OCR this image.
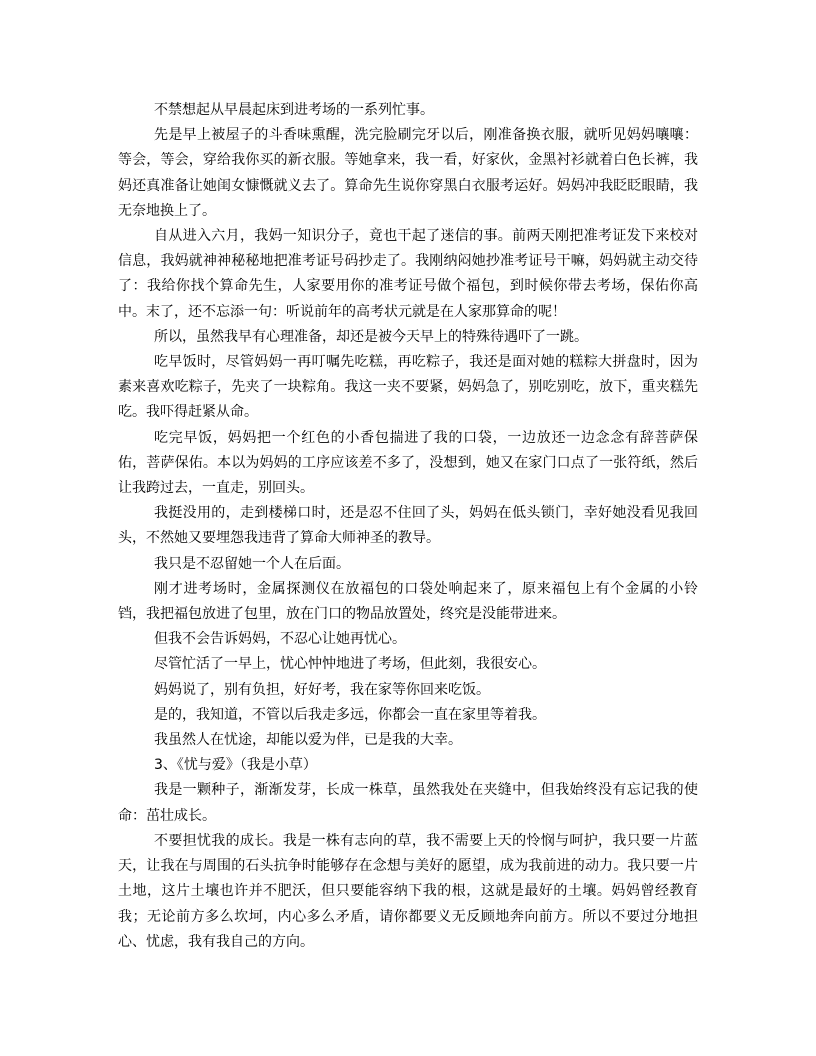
不禁想起从早晨起床到进考场的一系列忙事。

先是早上被屋子的斗香味熏醒，洗完脸刷完牙以后，刚准备换衣服，就听见妈妈嚷嚷：等会，等会，穿给我你买的新衣服。等她拿来，我一看，好家伙，金黑衬衫就着白色长裤，我妈还真准备让她闺女慷慨就义去了。算命先生说你穿黑白衣服考运好。妈妈冲我眨眨眼睛，我无奈地换上了。

自从进入六月，我妈一知识分子，竟也干起了迷信的事。前两天刚把准考证发下来校对信息，我妈就神神秘秘地把准考证号码抄走了。我刚纳闷她抄准考证号干嘛，妈妈就主动交待了：我给你找个算命先生，人家要用你的准考证号做个福包，到时候你带去考场，保佑你高中。末了，还不忘添一句：听说前年的高考状元就是在人家那算命的呢！

所以，虽然我早有心理准备，却还是被今天早上的特殊待遇吓了一跳。

吃早饭时，尽管妈妈一再叮嘱先吃糕，再吃粽子，我还是面对她的糕粽大拼盘时，因为素来喜欢吃粽子，先夹了一块粽角。我这一夹不要紧，妈妈急了，别吃别吃，放下，重夹糕先吃。我吓得赶紧从命。

吃完早饭，妈妈把一个红色的小香包揣进了我的口袋，一边放还一边念念有辞菩萨保佑，菩萨保佑。本以为妈妈的工序应该差不多了，没想到，她又在家门口点了一张符纸，然后让我跨过去，一直走，别回头。

我挺没用的，走到楼梯口时，还是忍不住回了头，妈妈在低头锁门，幸好她没看见我回头，不然她又要埋怨我违背了算命大师神圣的教导。

我只是不忍留她一个人在后面。

刚才进考场时，金属探测仪在放福包的口袋处响起来了，原来福包上有个金属的小铃铛，我把福包放进了包里，放在门口的物品放置处，终究是没能带进来。

但我不会告诉妈妈，不忍心让她再忧心。

尽管忙活了一早上，忧心忡忡地进了考场，但此刻，我很安心。

妈妈说了，别有负担，好好考，我在家等你回来吃饭。

是的，我知道，不管以后我走多远，你都会一直在家里等着我。

我虽然人在忧途，却能以爱为伴，已是我的大幸。

3、《忧与爱》（我是小草）

我是一颗种子，渐渐发芽，长成一株草，虽然我处在夹缝中，但我始终没有忘记我的使命：茁壮成长。

不要担忧我的成长。我是一株有志向的草，我不需要上天的怜悯与呵护，我只要一片蓝天，让我在与周围的石头抗争时能够存在念想与美好的愿望，成为我前进的动力。我只要一片土地，这片土壤也许并不肥沃，但只要能容纳下我的根，这就是最好的土壤。妈妈曾经教育我；无论前方多么坎坷，内心多么矛盾，请你都要义无反顾地奔向前方。所以不要过分地担心、忧虑，我有我自己的方向。
